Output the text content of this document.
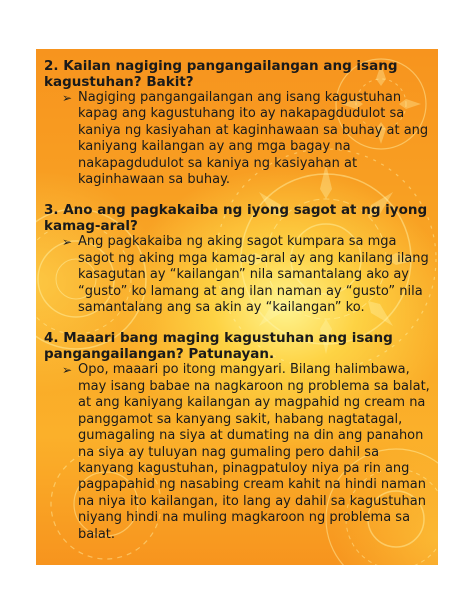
2. Kailan nagiging pangangailangan ang isang kagustuhan? Bakit?

➢ Nagiging pangangailangan ang isang kagustuhan kapag ang kagustuhang ito ay nakapagdudulot sa kaniya ng kasiyahan at kaginhawaan sa buhay at ang kaniyang kailangan ay ang mga bagay na nakapagdudulot sa kaniya ng kasiyahan at kaginhawaan sa buhay.

3. Ano ang pagkakaiba ng iyong sagot at ng iyong kamag-aral?

➢ Ang pagkakaiba ng aking sagot kumpara sa mga sagot ng aking mga kamag-aral ay ang kanilang ilang kasagutan ay “kailangan” nila samantalang ako ay “gusto” ko lamang at ang ilan naman ay “gusto” nila samantalang ang sa akin ay “kailangan” ko.

4. Maaari bang maging kagustuhan ang isang pangangailangan? Patunayan.

➢ Opo, maaari po itong mangyari. Bilang halimbawa, may isang babae na nagkaroon ng problema sa balat, at ang kaniyang kailangan ay magpahid ng cream na panggamot sa kanyang sakit, habang nagtatagal, gumagaling na siya at dumating na din ang panahon na siya ay tuluyan nag gumaling pero dahil sa kanyang kagustuhan, pinagpatuloy niya pa rin ang pagpapahid ng nasabing cream kahit na hindi naman na niya ito kailangan, ito lang ay dahil sa kagustuhan niyang hindi na muling magkaroon ng problema sa balat.
